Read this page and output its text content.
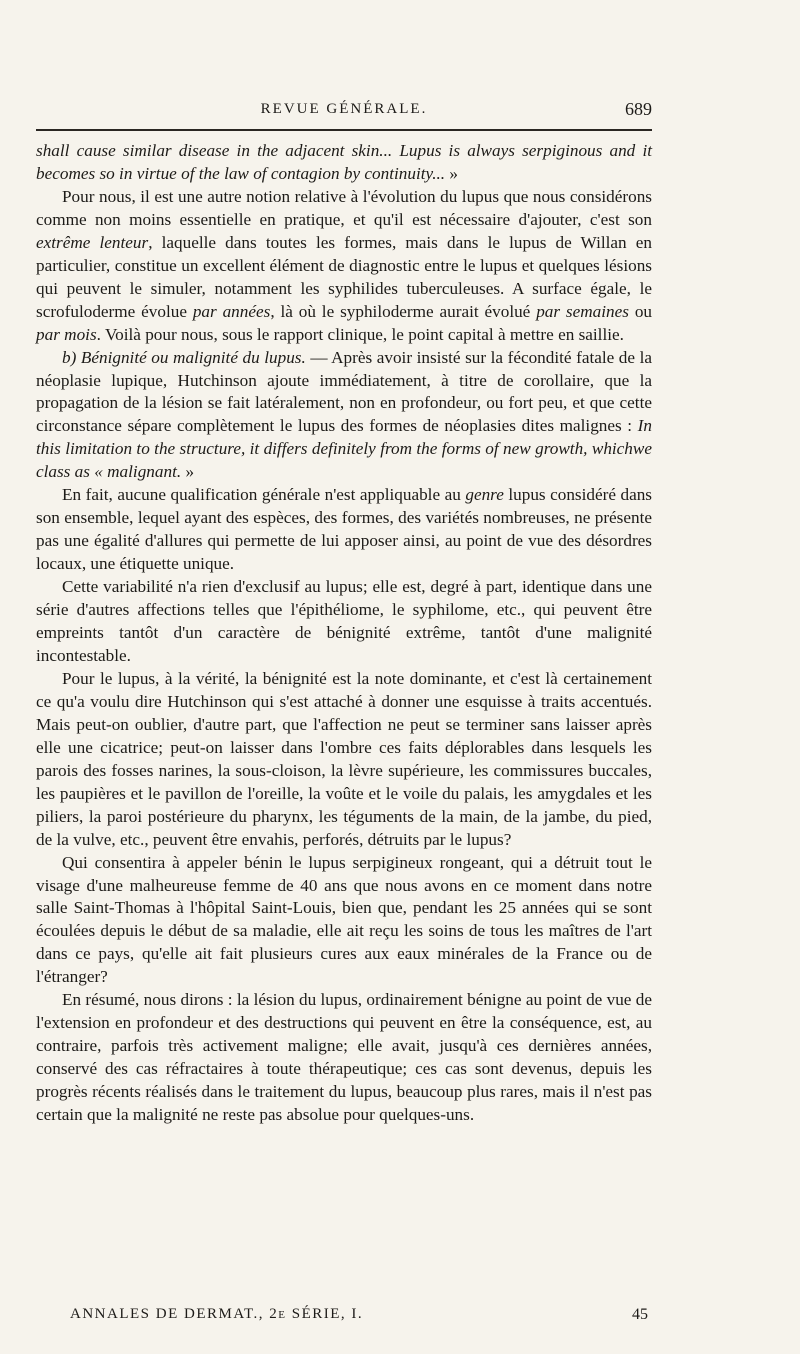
REVUE GÉNÉRALE.	689

shall cause similar disease in the adjacent skin... Lupus is always serpiginous and it becomes so in virtue of the law of contagion by continuity... »

Pour nous, il est une autre notion relative à l'évolution du lupus que nous considérons comme non moins essentielle en pratique, et qu'il est nécessaire d'ajouter, c'est son extrême lenteur, laquelle dans toutes les formes, mais dans le lupus de Willan en particulier, constitue un excellent élément de diagnostic entre le lupus et quelques lésions qui peuvent le simuler, notamment les syphilides tuberculeuses. A surface égale, le scrofuloderme évolue par années, là où le syphiloderme aurait évolué par semaines ou par mois. Voilà pour nous, sous le rapport clinique, le point capital à mettre en saillie.

b) Bénignité ou malignité du lupus. — Après avoir insisté sur la fécondité fatale de la néoplasie lupique, Hutchinson ajoute immédiatement, à titre de corollaire, que la propagation de la lésion se fait latéralement, non en profondeur, ou fort peu, et que cette circonstance sépare complètement le lupus des formes de néoplasies dites malignes : In this limitation to the structure, it differs definitely from the forms of new growth, whichwe class as « malignant. »

En fait, aucune qualification générale n'est appliquable au genre lupus considéré dans son ensemble, lequel ayant des espèces, des formes, des variétés nombreuses, ne présente pas une égalité d'allures qui permette de lui apposer ainsi, au point de vue des désordres locaux, une étiquette unique.

Cette variabilité n'a rien d'exclusif au lupus; elle est, degré à part, identique dans une série d'autres affections telles que l'épithéliome, le syphilome, etc., qui peuvent être empreints tantôt d'un caractère de bénignité extrême, tantôt d'une malignité incontestable.

Pour le lupus, à la vérité, la bénignité est la note dominante, et c'est là certainement ce qu'a voulu dire Hutchinson qui s'est attaché à donner une esquisse à traits accentués. Mais peut-on oublier, d'autre part, que l'affection ne peut se terminer sans laisser après elle une cicatrice; peut-on laisser dans l'ombre ces faits déplorables dans lesquels les parois des fosses narines, la sous-cloison, la lèvre supérieure, les commissures buccales, les paupières et le pavillon de l'oreille, la voûte et le voile du palais, les amygdales et les piliers, la paroi postérieure du pharynx, les téguments de la main, de la jambe, du pied, de la vulve, etc., peuvent être envahis, perforés, détruits par le lupus?

Qui consentira à appeler bénin le lupus serpigineux rongeant, qui a détruit tout le visage d'une malheureuse femme de 40 ans que nous avons en ce moment dans notre salle Saint-Thomas à l'hôpital Saint-Louis, bien que, pendant les 25 années qui se sont écoulées depuis le début de sa maladie, elle ait reçu les soins de tous les maîtres de l'art dans ce pays, qu'elle ait fait plusieurs cures aux eaux minérales de la France ou de l'étranger?

En résumé, nous dirons : la lésion du lupus, ordinairement bénigne au point de vue de l'extension en profondeur et des destructions qui peuvent en être la conséquence, est, au contraire, parfois très activement maligne; elle avait, jusqu'à ces dernières années, conservé des cas réfractaires à toute thérapeutique; ces cas sont devenus, depuis les progrès récents réalisés dans le traitement du lupus, beaucoup plus rares, mais il n'est pas certain que la malignité ne reste pas absolue pour quelques-uns.

ANNALES DE DERMAT., 2e SÉRIE, I.	45
